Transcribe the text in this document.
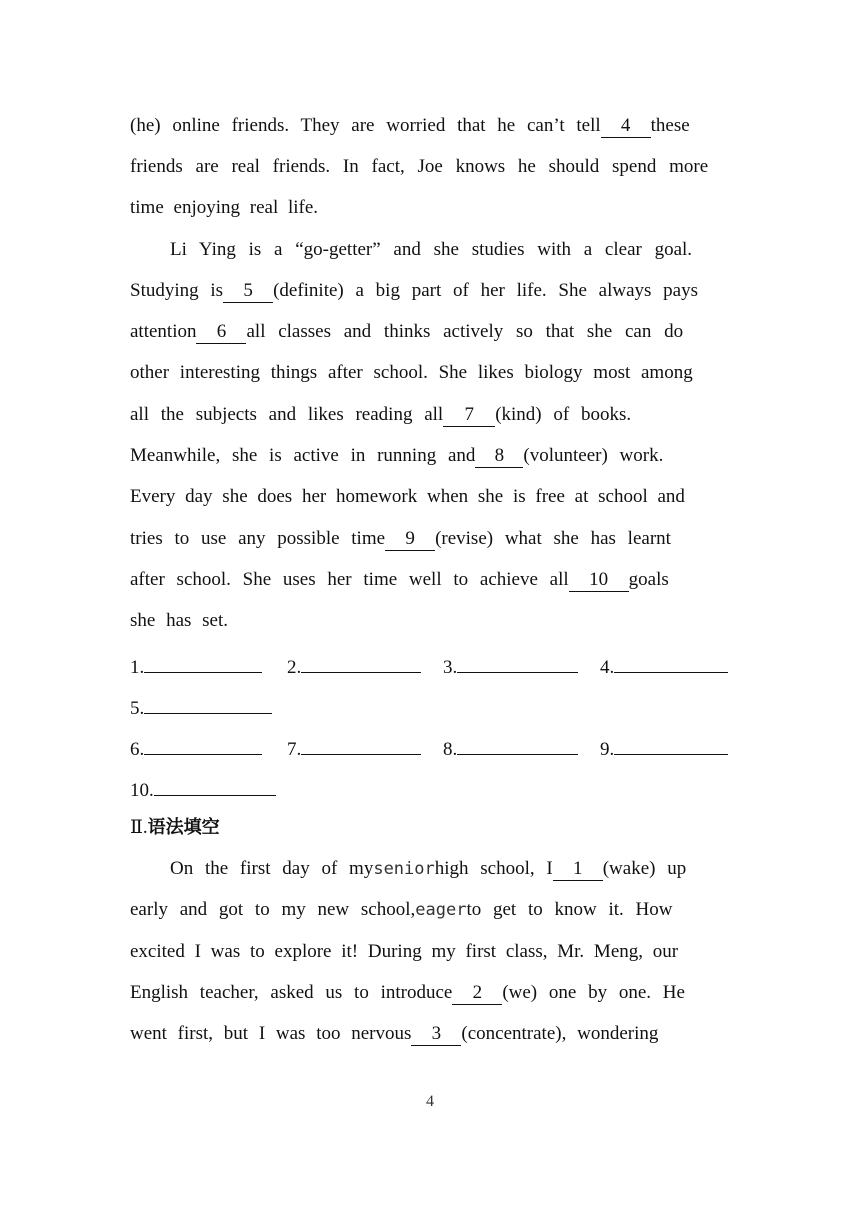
(he) online friends. They are worried that he can’t tell4these
friends are real friends. In fact, Joe knows he should spend more
time enjoying real life.
Li Ying is a “go-getter” and she studies with a clear goal.
Studying is5(definite) a big part of her life. She always pays
attention6all classes and thinks actively so that she can do
other interesting things after school. She likes biology most among
all the subjects and likes reading all7(kind) of books.
Meanwhile, she is active in running and8 (volunteer) work.
Every day she does her homework when she is free at school and
tries to use any possible time9 (revise) what she has learnt
after school. She uses her time well to achieve all10goals
she has set.
1.	2.	3.	4.
5.
6.	7.	8.	9.
10.
Ⅱ.语法填空
On the first day of myseniorhigh school, I1 (wake) up
early and got to my new school,eagerto get to know it. How
excited I was to explore it! During my first class, Mr. Meng, our
English teacher, asked us to introduce2 (we) one by one. He
went first, but I was too nervous3 (concentrate), wondering
4
